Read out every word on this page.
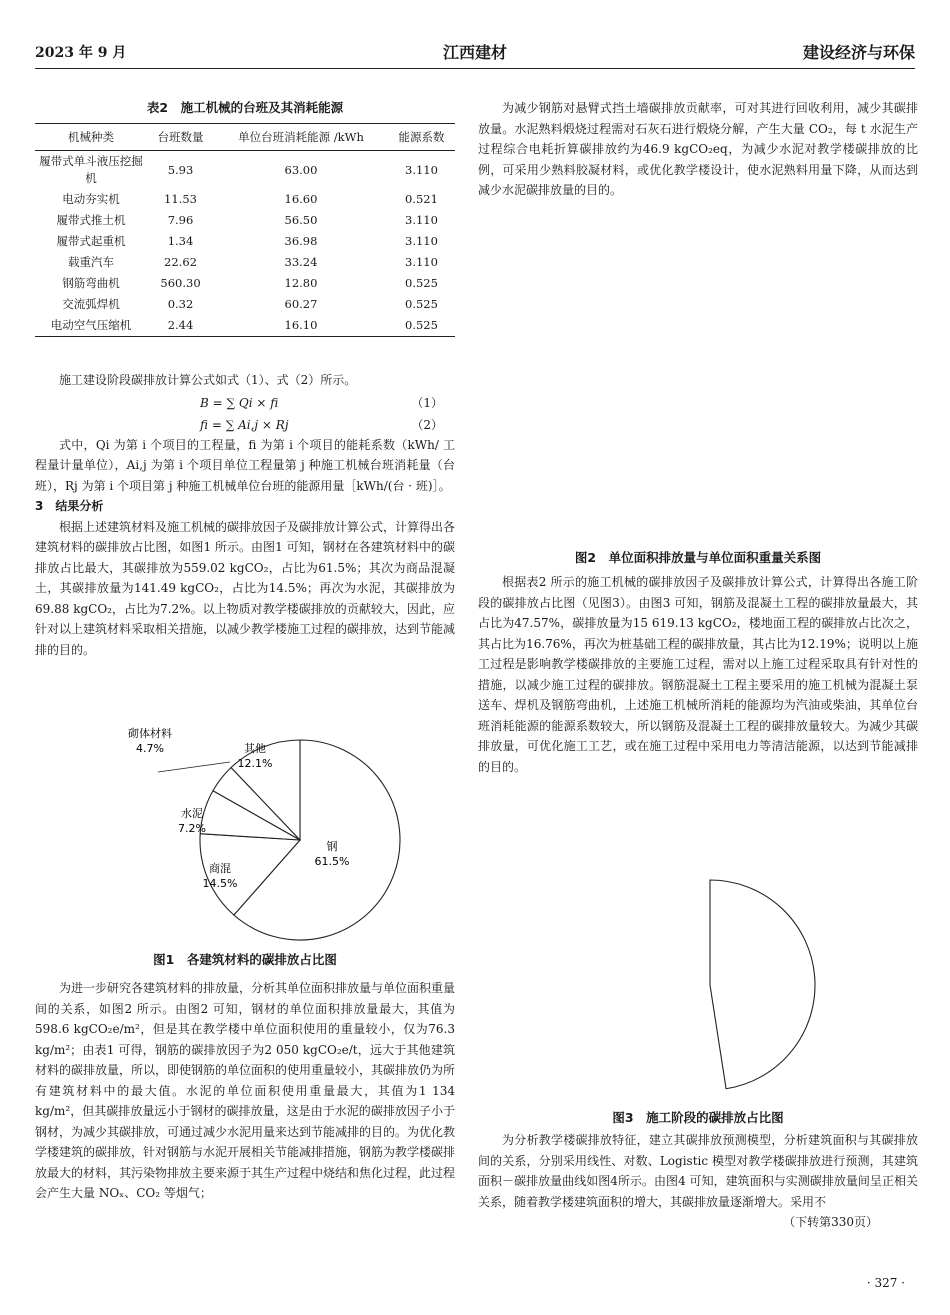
2023 年 9 月	江西建材	建设经济与环保
表2　施工机械的台班及其消耗能源
机械种类	台班数量	单位台班消耗能源 /kWh	能源系数
履带式单斗液压挖掘机	5.93	63.00	3.110
电动夯实机	11.53	16.60	0.521
履带式推土机	7.96	56.50	3.110
履带式起重机	1.34	36.98	3.110
载重汽车	22.62	33.24	3.110
钢筋弯曲机	560.30	12.80	0.525
交流弧焊机	0.32	60.27	0.525
电动空气压缩机	2.44	16.10	0.525

施工建设阶段碳排放计算公式如式（1）、式（2）所示。

B = ∑ Qi × fi	（1）
fi = ∑ Ai,j × Rj	（2）

式中，Qi 为第 i 个项目的工程量，fi 为第 i 个项目的能耗系数（kWh/ 工程量计量单位），Ai,j 为第 i 个项目单位工程量第 j 种施工机械台班消耗量（台班），Rj 为第 i 个项目第 j 种施工机械单位台班的能源用量［kWh/(台 · 班)］。

3　结果分析

根据上述建筑材料及施工机械的碳排放因子及碳排放计算公式，计算得出各建筑材料的碳排放占比图，如图1 所示。由图1 可知，钢材在各建筑材料中的碳排放占比最大，其碳排放为559.02 kgCO₂，占比为61.5%；其次为商品混凝土，其碳排放量为141.49 kgCO₂，占比为14.5%；再次为水泥，其碳排放为69.88 kgCO₂，占比为7.2%。以上物质对教学楼碳排放的贡献较大，因此，应针对以上建筑材料采取相关措施，以减少教学楼施工过程的碳排放，达到节能减排的目的。

钢
61.5%
商混
14.5%
水泥
7.2%
砌体材料
4.7%	其他
12.1%
图1　各建筑材料的碳排放占比图

为进一步研究各建筑材料的排放量，分析其单位面积排放量与单位面积重量间的关系，如图2 所示。由图2 可知，钢材的单位面积排放量最大，其值为598.6 kgCO₂e/m²，但是其在教学楼中单位面积使用的重量较小，仅为76.3 kg/m²；由表1 可得，钢筋的碳排放因子为2 050 kgCO₂e/t，远大于其他建筑材料的碳排放量，所以，即使钢筋的单位面积的使用重量较小，其碳排放仍为所有建筑材料中的最大值。水泥的单位面积使用重量最大，其值为1 134 kg/m²，但其碳排放量远小于钢材的碳排放量，这是由于水泥的碳排放因子小于钢材，为减少其碳排放，可通过减少水泥用量来达到节能减排的目的。为优化教学楼建筑的碳排放，针对钢筋与水泥开展相关节能减排措施，钢筋为教学楼碳排放最大的材料，其污染物排放主要来源于其生产过程中烧结和焦化过程，此过程会产生大量 NOₓ、CO₂ 等烟气；

为减少钢筋对悬臂式挡土墙碳排放贡献率，可对其进行回收利用，减少其碳排放量。水泥熟料煅烧过程需对石灰石进行煅烧分解，产生大量 CO₂，每 t 水泥生产过程综合电耗折算碳排放约为46.9 kgCO₂eq，为减少水泥对教学楼碳排放的比例，可采用少熟料胶凝材料，或优化教学楼设计，使水泥熟料用量下降，从而达到减少水泥碳排放量的目的。

图2　单位面积排放量与单位面积重量关系图

根据表2 所示的施工机械的碳排放因子及碳排放计算公式，计算得出各施工阶段的碳排放占比图（见图3）。由图3 可知，钢筋及混凝土工程的碳排放量最大，其占比为47.57%，碳排放量为15 619.13 kgCO₂，楼地面工程的碳排放占比次之，其占比为16.76%，再次为桩基础工程的碳排放量，其占比为12.19%；说明以上施工过程是影响教学楼碳排放的主要施工过程，需对以上施工过程采取具有针对性的措施，以减少施工过程的碳排放。钢筋混凝土工程主要采用的施工机械为混凝土泵送车、焊机及钢筋弯曲机，上述施工机械所消耗的能源均为汽油或柴油，其单位台班消耗能源的能源系数较大，所以钢筋及混凝土工程的碳排放量较大。为减少其碳排放量，可优化施工工艺，或在施工过程中采用电力等清洁能源，以达到节能减排的目的。

图3　施工阶段的碳排放占比图

为分析教学楼碳排放特征，建立其碳排放预测模型，分析建筑面积与其碳排放间的关系，分别采用线性、对数、Logistic 模型对教学楼碳排放进行预测，其建筑面积－碳排放量曲线如图4所示。由图4 可知，建筑面积与实测碳排放量间呈正相关关系，随着教学楼建筑面积的增大，其碳排放量逐渐增大。采用不

（下转第330页）
· 327 ·
